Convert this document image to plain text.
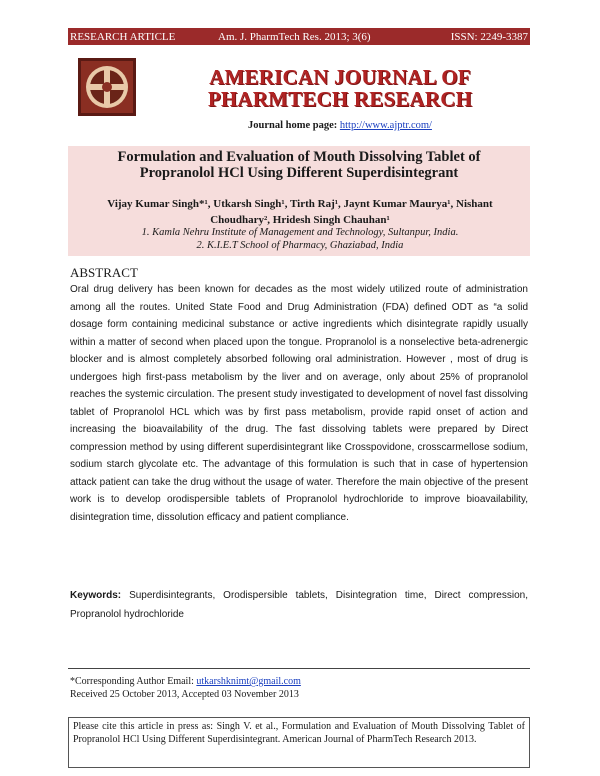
RESEARCH ARTICLE	Am. J. PharmTech Res. 2013; 3(6)	ISSN: 2249-3387
AMERICAN JOURNAL OF
PHARMTECH RESEARCH
Journal home page: http://www.ajptr.com/
Formulation and Evaluation of Mouth Dissolving Tablet of
Propranolol HCl Using Different Superdisintegrant
Vijay Kumar Singh*¹, Utkarsh Singh¹, Tirth Raj¹, Jaynt Kumar Maurya¹, Nishant
Choudhary², Hridesh Singh Chauhan¹
1. Kamla Nehru Institute of Management and Technology, Sultanpur, India.
2. K.I.E.T School of Pharmacy, Ghaziabad, India
ABSTRACT
Oral drug delivery has been known for decades as the most widely utilized route of administration among all the routes. United State Food and Drug Administration (FDA) defined ODT as “a solid dosage form containing medicinal substance or active ingredients which disintegrate rapidly usually within a matter of second when placed upon the tongue. Propranolol is a nonselective beta-adrenergic blocker and is almost completely absorbed following oral administration. However , most of drug is undergoes high first-pass metabolism by the liver and on average, only about 25% of propranolol reaches the systemic circulation. The present study investigated to development of novel fast dissolving tablet of Propranolol HCL which was by first pass metabolism, provide rapid onset of action and increasing the bioavailability of the drug. The fast dissolving tablets were prepared by Direct compression method by using different superdisintegrant like Crosspovidone, crosscarmellose sodium, sodium starch glycolate etc. The advantage of this formulation is such that in case of hypertension attack patient can take the drug without the usage of water. Therefore the main objective of the present work is to develop orodispersible tablets of Propranolol hydrochloride to improve bioavailability, disintegration time, dissolution efficacy and patient compliance.
Keywords: Superdisintegrants, Orodispersible tablets, Disintegration time, Direct compression, Propranolol hydrochloride
*Corresponding Author Email: utkarshknimt@gmail.com
Received 25 October 2013, Accepted 03 November 2013
Please cite this article in press as: Singh V. et al., Formulation and Evaluation of Mouth Dissolving Tablet of Propranolol HCl Using Different Superdisintegrant. American Journal of PharmTech Research 2013.
